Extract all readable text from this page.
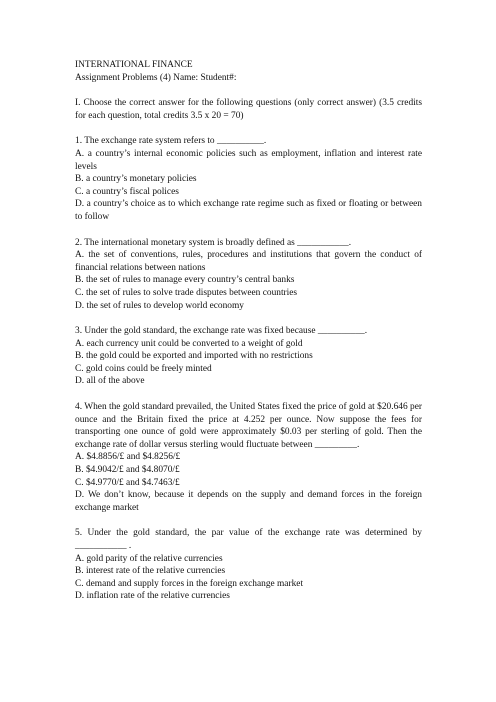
INTERNATIONAL FINANCE
Assignment Problems (4) Name: Student#:

I. Choose the correct answer for the following questions (only correct answer) (3.5 credits for each question, total credits 3.5 x 20 = 70)

1. The exchange rate system refers to __________.

A. a country’s internal economic policies such as employment, inflation and interest rate levels

B. a country’s monetary policies
C. a country’s fiscal polices

D. a country’s choice as to which exchange rate regime such as fixed or floating or between to follow

2. The international monetary system is broadly defined as ___________.

A. the set of conventions, rules, procedures and institutions that govern the conduct of financial relations between nations

B. the set of rules to manage every country’s central banks
C. the set of rules to solve trade disputes between countries
D. the set of rules to develop world economy
3. Under the gold standard, the exchange rate was fixed because __________.
A. each currency unit could be converted to a weight of gold
B. the gold could be exported and imported with no restrictions
C. gold coins could be freely minted
D. all of the above

4. When the gold standard prevailed, the United States fixed the price of gold at $20.646 per ounce and the Britain fixed the price at 4.252 per ounce. Now suppose the fees for transporting one ounce of gold were approximately $0.03 per sterling of gold. Then the exchange rate of dollar versus sterling would fluctuate between _________.

A. $4.8856/£ and $4.8256/£
B. $4.9042/£ and $4.8070/£
C. $4.9770/£ and $4.7463/£

D. We don’t know, because it depends on the supply and demand forces in the foreign exchange market

5. Under the gold standard, the par value of the exchange rate was determined by ___________ .

A. gold parity of the relative currencies
B. interest rate of the relative currencies
C. demand and supply forces in the foreign exchange market
D. inflation rate of the relative currencies
